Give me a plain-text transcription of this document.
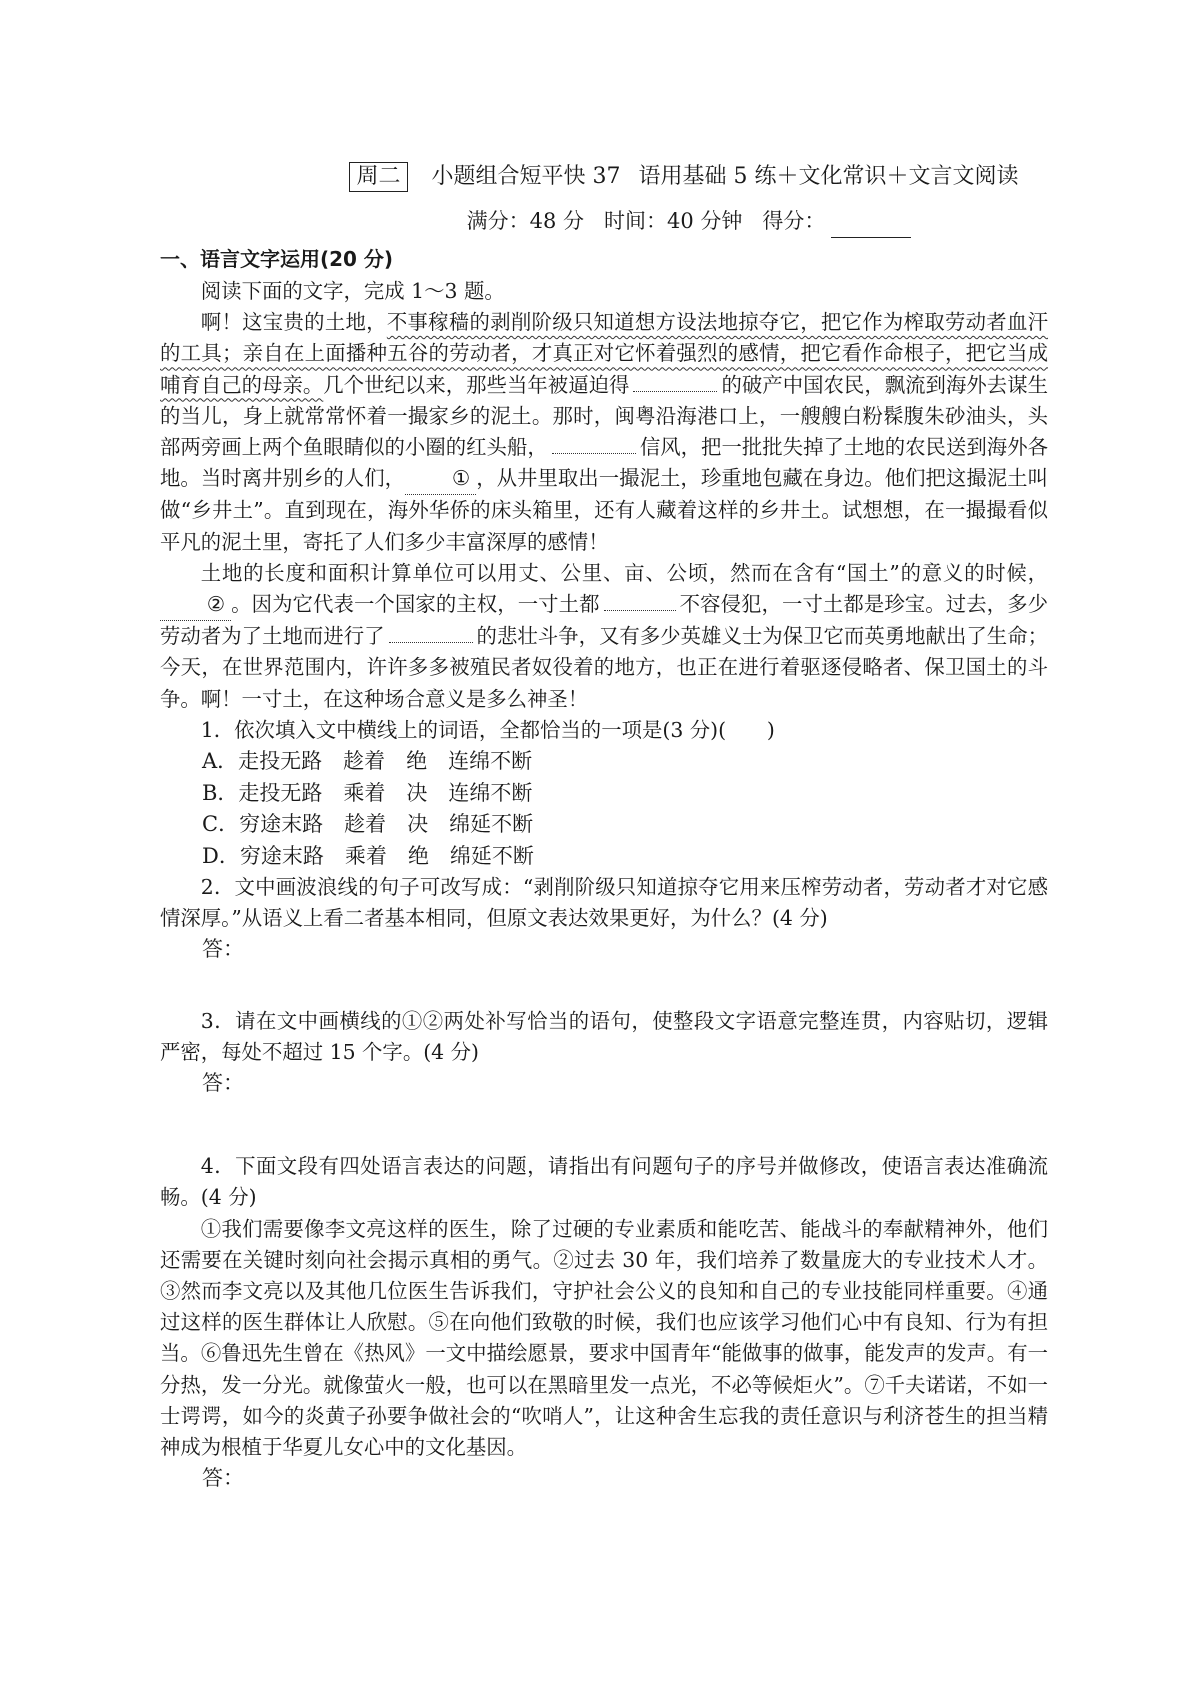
周二 小题组合短平快 37 语用基础 5 练＋文化常识＋文言文阅读
满分：48 分 时间：40 分钟 得分：
一、语言文字运用(20 分)

阅读下面的文字，完成 1～3 题。

啊！这宝贵的土地，不事稼穑的剥削阶级只知道想方设法地掠夺它，把它作为榨取劳动者血汗的工具；亲自在上面播种五谷的劳动者，才真正对它怀着强烈的感情，把它看作命根子，把它当成哺育自己的母亲。几个世纪以来，那些当年被逼迫得	的破产中国农民，飘流到海外去谋生的当儿，身上就常常怀着一撮家乡的泥土。那时，闽粤沿海港口上，一艘艘白粉髹腹朱砂油头，头部两旁画上两个鱼眼睛似的小圈的红头船，	信风，把一批批失掉了土地的农民送到海外各地。当时离井别乡的人们， ① ，从井里取出一撮泥土，珍重地包藏在身边。他们把这撮泥土叫做“乡井土”。直到现在，海外华侨的床头箱里，还有人藏着这样的乡井土。试想想，在一撮撮看似平凡的泥土里，寄托了人们多少丰富深厚的感情！

土地的长度和面积计算单位可以用丈、公里、亩、公顷，然而在含有“国土”的意义的时候，② 。因为它代表一个国家的主权，一寸土都	不容侵犯，一寸土都是珍宝。过去，多少劳动者为了土地而进行了	的悲壮斗争，又有多少英雄义士为保卫它而英勇地献出了生命；今天，在世界范围内，许许多多被殖民者奴役着的地方，也正在进行着驱逐侵略者、保卫国土的斗争。啊！一寸土，在这种场合意义是多么神圣！

1．依次填入文中横线上的词语，全都恰当的一项是(3 分)(　　)

A．走投无路　趁着　绝　连绵不断
B．走投无路　乘着　决　连绵不断
C．穷途末路　趁着　决　绵延不断
D．穷途末路　乘着　绝　绵延不断

2．文中画波浪线的句子可改写成：“剥削阶级只知道掠夺它用来压榨劳动者，劳动者才对它感情深厚。”从语义上看二者基本相同，但原文表达效果更好，为什么？(4 分)

答：

3．请在文中画横线的①②两处补写恰当的语句，使整段文字语意完整连贯，内容贴切，逻辑严密，每处不超过 15 个字。(4 分)

答：

4．下面文段有四处语言表达的问题，请指出有问题句子的序号并做修改，使语言表达准确流畅。(4 分)

①我们需要像李文亮这样的医生，除了过硬的专业素质和能吃苦、能战斗的奉献精神外，他们还需要在关键时刻向社会揭示真相的勇气。②过去 30 年，我们培养了数量庞大的专业技术人才。③然而李文亮以及其他几位医生告诉我们，守护社会公义的良知和自己的专业技能同样重要。④通过这样的医生群体让人欣慰。⑤在向他们致敬的时候，我们也应该学习他们心中有良知、行为有担当。⑥鲁迅先生曾在《热风》一文中描绘愿景，要求中国青年“能做事的做事，能发声的发声。有一分热，发一分光。就像萤火一般，也可以在黑暗里发一点光，不必等候炬火”。⑦千夫诺诺，不如一士谔谔，如今的炎黄子孙要争做社会的“吹哨人”，让这种舍生忘我的责任意识与利济苍生的担当精神成为根植于华夏儿女心中的文化基因。

答：
